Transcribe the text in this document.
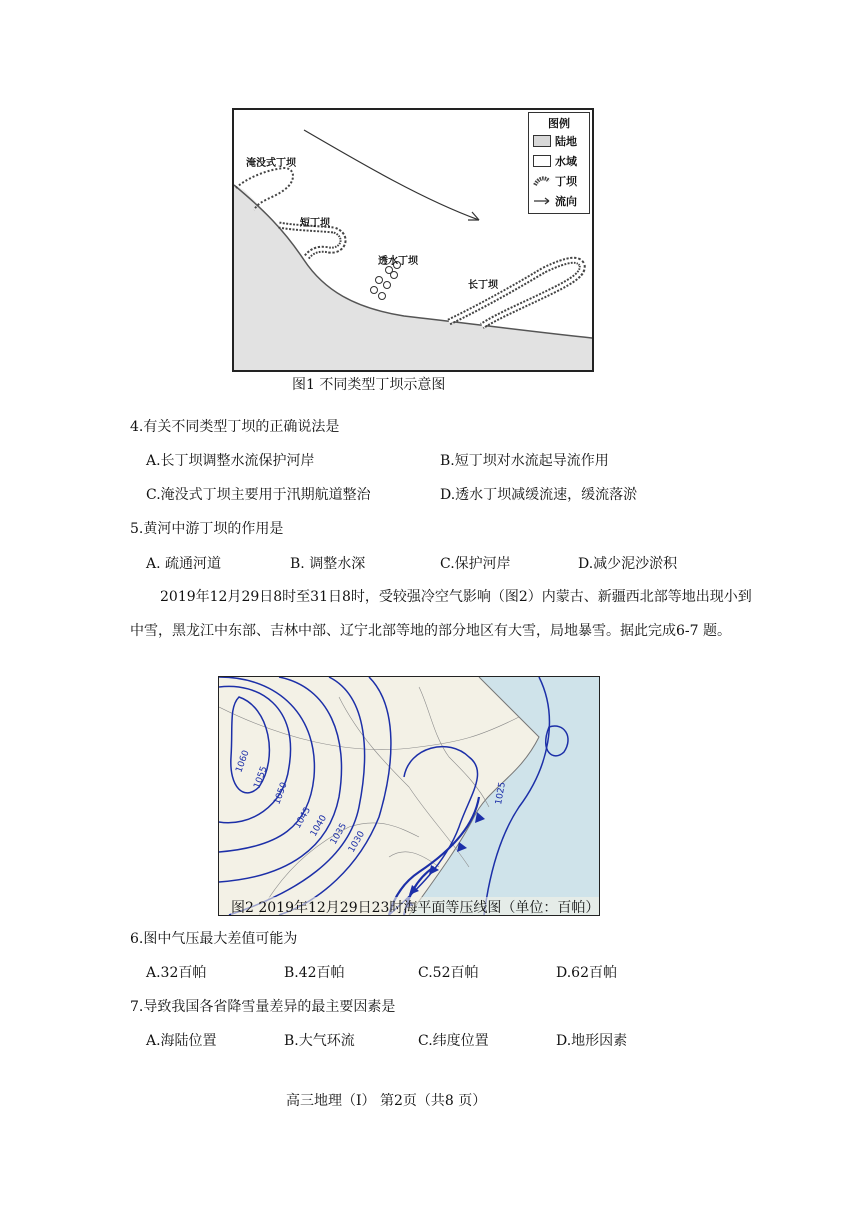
淹没式丁坝
短丁坝
透水丁坝
长丁坝
图例
陆地
水域
丁坝
流向
图1 不同类型丁坝示意图
4.有关不同类型丁坝的正确说法是
A.长丁坝调整水流保护河岸	B.短丁坝对水流起导流作用
C.淹没式丁坝主要用于汛期航道整治	D.透水丁坝减缓流速，缓流落淤
5.黄河中游丁坝的作用是
A. 疏通河道	B. 调整水深	C.保护河岸	D.减少泥沙淤积
2019年12月29日8时至31日8时，受较强冷空气影响（图2）内蒙古、新疆西北部等地出现小到
中雪，黑龙江中东部、吉林中部、辽宁北部等地的部分地区有大雪，局地暴雪。据此完成6-7 题。
1060
1055
1050
1045
1040 1035
1030
1025
图2 2019年12月29日23时海平面等压线图（单位：百帕）
6.图中气压最大差值可能为
A.32百帕	B.42百帕	C.52百帕	D.62百帕
7.导致我国各省降雪量差异的最主要因素是
A.海陆位置	B.大气环流	C.纬度位置	D.地形因素
高三地理（I） 第2页（共8 页）
